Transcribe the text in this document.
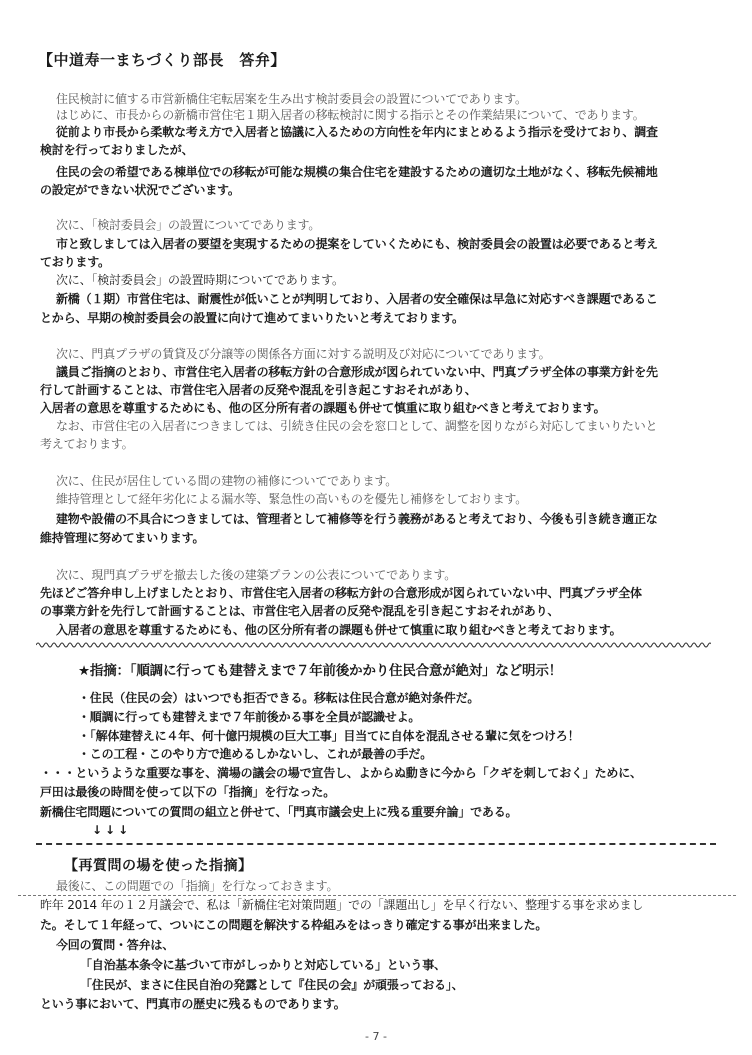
【中道寿一まちづくり部長　答弁】
住民検討に値する市営新橋住宅転居案を生み出す検討委員会の設置についてであります。
はじめに、市長からの新橋市営住宅１期入居者の移転検討に関する指示とその作業結果について、であります。
従前より市長から柔軟な考え方で入居者と協議に入るための方向性を年内にまとめるよう指示を受けており、調査
検討を行っておりましたが、
住民の会の希望である棟単位での移転が可能な規模の集合住宅を建設するための適切な土地がなく、移転先候補地
の設定ができない状況でございます。
次に、「検討委員会」の設置についてであります。
市と致しましては入居者の要望を実現するための提案をしていくためにも、検討委員会の設置は必要であると考え
ております。
次に、「検討委員会」の設置時期についてであります。
新橋（１期）市営住宅は、耐震性が低いことが判明しており、入居者の安全確保は早急に対応すべき課題であるこ
とから、早期の検討委員会の設置に向けて進めてまいりたいと考えております。
次に、門真プラザの賃貸及び分譲等の関係各方面に対する説明及び対応についてであります。
議員ご指摘のとおり、市営住宅入居者の移転方針の合意形成が図られていない中、門真プラザ全体の事業方針を先
行して計画することは、市営住宅入居者の反発や混乱を引き起こすおそれがあり、
入居者の意思を尊重するためにも、他の区分所有者の課題も併せて慎重に取り組むべきと考えております。
なお、市営住宅の入居者につきましては、引続き住民の会を窓口として、調整を図りながら対応してまいりたいと
考えております。
次に、住民が居住している間の建物の補修についてであります。
維持管理として経年劣化による漏水等、緊急性の高いものを優先し補修をしております。
建物や設備の不具合につきましては、管理者として補修等を行う義務があると考えており、今後も引き続き適正な
維持管理に努めてまいります。
次に、現門真プラザを撤去した後の建築プランの公表についてであります。
先ほどご答弁申し上げましたとおり、市営住宅入居者の移転方針の合意形成が図られていない中、門真プラザ全体
の事業方針を先行して計画することは、市営住宅入居者の反発や混乱を引き起こすおそれがあり、
入居者の意思を尊重するためにも、他の区分所有者の課題も併せて慎重に取り組むべきと考えております。
★指摘：「順調に行っても建替えまで７年前後かかり住民合意が絶対」など明示！
・住民（住民の会）はいつでも拒否できる。移転は住民合意が絶対条件だ。
・順調に行っても建替えまで７年前後かる事を全員が認識せよ。
・「解体建替えに４年、何十億円規模の巨大工事」目当てに自体を混乱させる輩に気をつけろ！
・この工程・このやり方で進めるしかないし、これが最善の手だ。
・・・というような重要な事を、満場の議会の場で宣告し、よからぬ動きに今から「クギを刺しておく」ために、
戸田は最後の時間を使って以下の「指摘」を行なった。
新橋住宅問題についての質問の組立と併せて、「門真市議会史上に残る重要弁論」である。
↓↓↓
【再質問の場を使った指摘】
最後に、この問題での「指摘」を行なっておきます。
昨年 2014 年の１２月議会で、私は「新橋住宅対策問題」での「課題出し」を早く行ない、整理する事を求めまし
た。そして１年経って、ついにこの問題を解決する枠組みをはっきり確定する事が出来ました。
今回の質問・答弁は、
「自治基本条令に基づいて市がしっかりと対応している」という事、
「住民が、まさに住民自治の発露として『住民の会』が頑張っておる」、
という事において、門真市の歴史に残るものであります。
- 7 -
